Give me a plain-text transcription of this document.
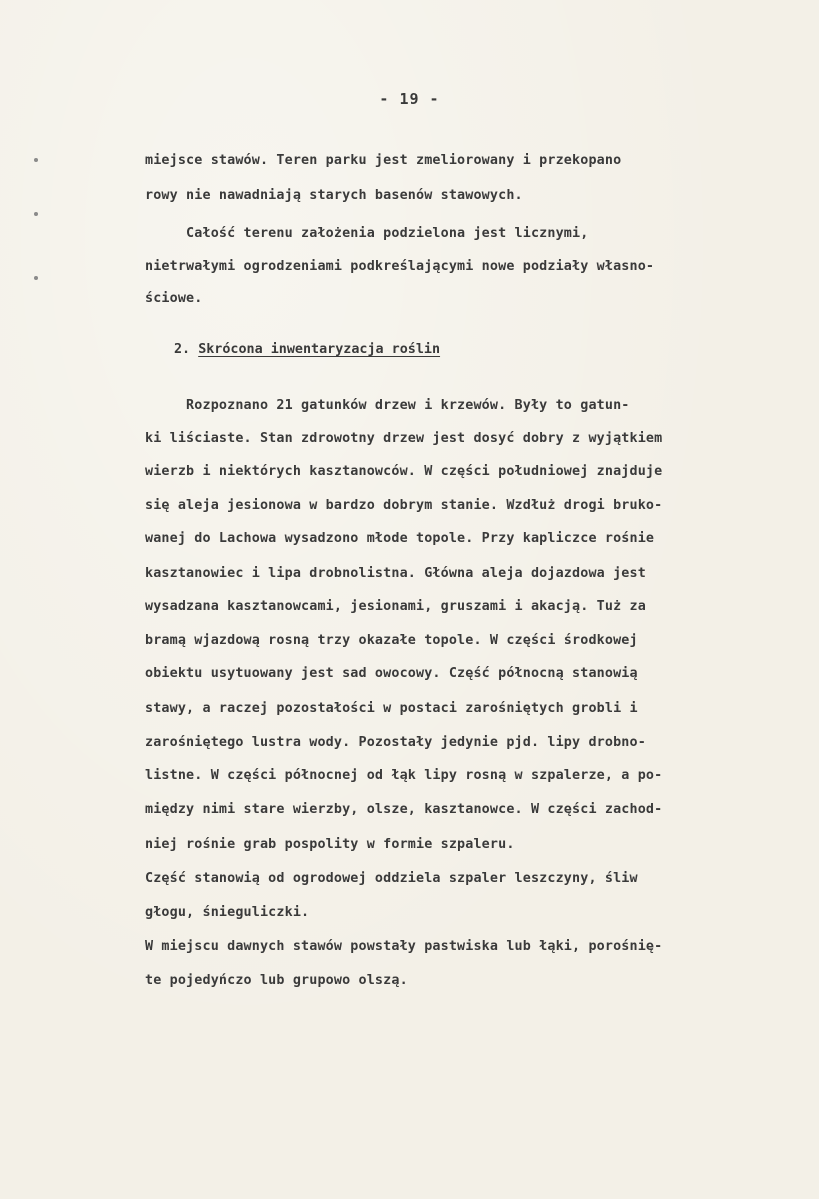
- 19 -
miejsce stawów. Teren parku jest zmeliorowany i przekopano
rowy nie nawadniają starych basenów stawowych.
Całość terenu założenia podzielona jest licznymi,
nietrwałymi ogrodzeniami podkreślającymi nowe podziały własno-
ściowe.
2. Skrócona inwentaryzacja roślin
Rozpoznano 21 gatunków drzew i krzewów. Były to gatun-
ki liściaste. Stan zdrowotny drzew jest dosyć dobry z wyjątkiem
wierzb i niektórych kasztanowców. W części południowej znajduje
się aleja jesionowa w bardzo dobrym stanie. Wzdłuż drogi bruko-
wanej do Lachowa wysadzono młode topole. Przy kapliczce rośnie
kasztanowiec i lipa drobnolistna. Główna aleja dojazdowa jest
wysadzana kasztanowcami, jesionami, gruszami i akacją. Tuż za
bramą wjazdową rosną trzy okazałe topole. W części środkowej
obiektu usytuowany jest sad owocowy. Część północną stanowią
stawy, a raczej pozostałości w postaci zarośniętych grobli i
zarośniętego lustra wody. Pozostały jedynie pjd. lipy drobno-
listne. W części północnej od łąk lipy rosną w szpalerze, a po-
między nimi stare wierzby, olsze, kasztanowce. W części zachod-
niej rośnie grab pospolity w formie szpaleru.
Część stanowią od ogrodowej oddziela szpaler leszczyny, śliw
głogu, śnieguliczki.
W miejscu dawnych stawów powstały pastwiska lub łąki, porośnię-
te pojedyńczo lub grupowo olszą.
